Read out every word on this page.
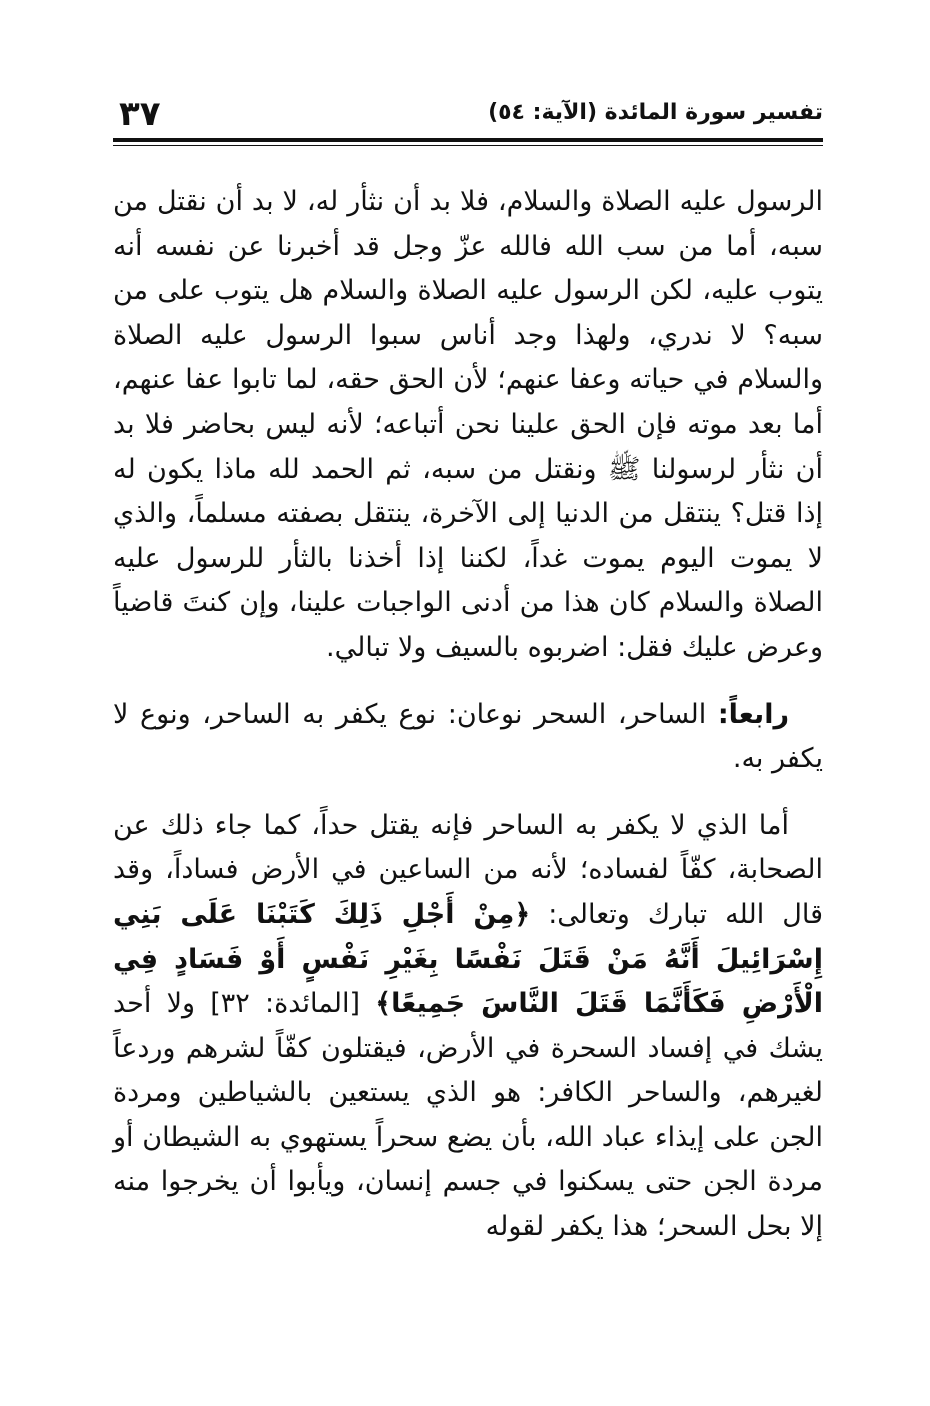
تفسير سورة المائدة (الآية: ٥٤)
٣٧

الرسول عليه الصلاة والسلام، فلا بد أن نثأر له، لا بد أن نقتل من سبه، أما من سب الله فالله عزّ وجل قد أخبرنا عن نفسه أنه يتوب عليه، لكن الرسول عليه الصلاة والسلام هل يتوب على من سبه؟ لا ندري، ولهذا وجد أناس سبوا الرسول عليه الصلاة والسلام في حياته وعفا عنهم؛ لأن الحق حقه، لما تابوا عفا عنهم، أما بعد موته فإن الحق علينا نحن أتباعه؛ لأنه ليس بحاضر فلا بد أن نثأر لرسولنا ﷺ ونقتل من سبه، ثم الحمد لله ماذا يكون له إذا قتل؟ ينتقل من الدنيا إلى الآخرة، ينتقل بصفته مسلماً، والذي لا يموت اليوم يموت غداً، لكننا إذا أخذنا بالثأر للرسول عليه الصلاة والسلام كان هذا من أدنى الواجبات علينا، وإن كنتَ قاضياً وعرض عليك فقل: اضربوه بالسيف ولا تبالي.

رابعاً: الساحر، السحر نوعان: نوع يكفر به الساحر، ونوع لا يكفر به.

أما الذي لا يكفر به الساحر فإنه يقتل حداً، كما جاء ذلك عن الصحابة، كفّاً لفساده؛ لأنه من الساعين في الأرض فساداً، وقد قال الله تبارك وتعالى: ﴿مِنْ أَجْلِ ذَلِكَ كَتَبْنَا عَلَى بَنِي إِسْرَائِيلَ أَنَّهُ مَنْ قَتَلَ نَفْسًا بِغَيْرِ نَفْسٍ أَوْ فَسَادٍ فِي الْأَرْضِ فَكَأَنَّمَا قَتَلَ النَّاسَ جَمِيعًا﴾ [المائدة: ٣٢] ولا أحد يشك في إفساد السحرة في الأرض، فيقتلون كفّاً لشرهم وردعاً لغيرهم، والساحر الكافر: هو الذي يستعين بالشياطين ومردة الجن على إيذاء عباد الله، بأن يضع سحراً يستهوي به الشيطان أو مردة الجن حتى يسكنوا في جسم إنسان، ويأبوا أن يخرجوا منه إلا بحل السحر؛ هذا يكفر لقوله
